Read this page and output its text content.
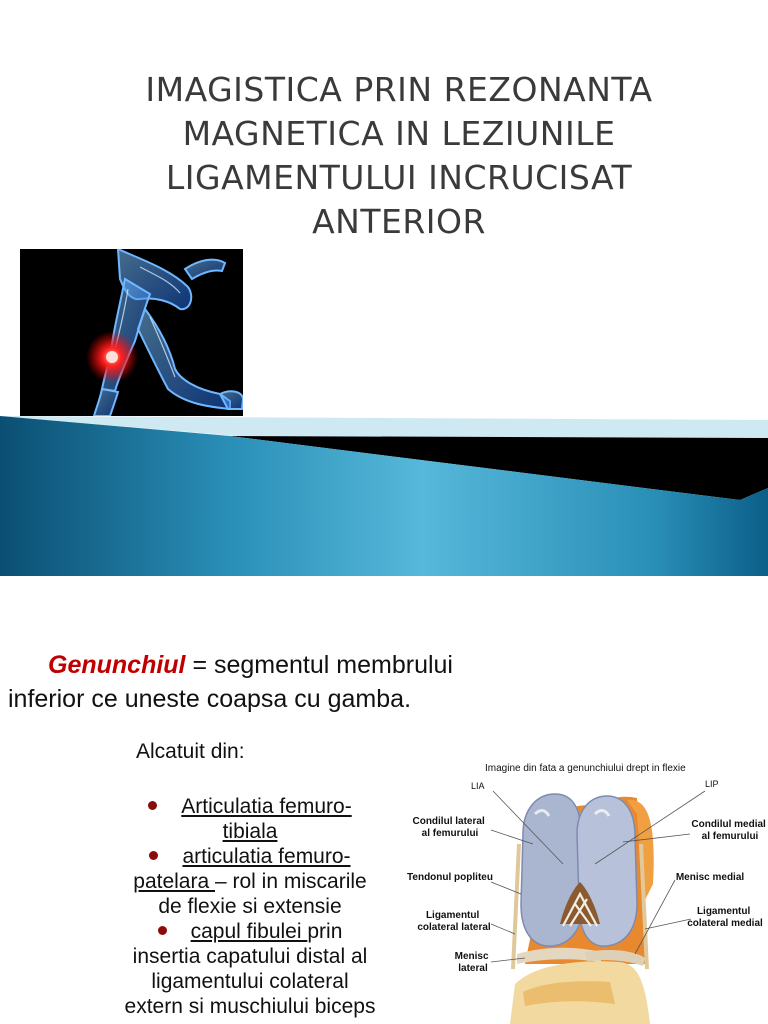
IMAGISTICA PRIN REZONANTA
MAGNETICA IN LEZIUNILE
LIGAMENTULUI INCRUCISAT
ANTERIOR
Genunchiul = segmentul membrului
inferior ce uneste coapsa cu gamba.
Alcatuit din:
Articulatia femuro-
tibiala
articulatia femuro-
patelara – rol in miscarile
de flexie si extensie
capul fibulei prin
insertia capatului distal al
ligamentului colateral
extern si muschiului biceps
Imagine din fata a genunchiului drept in flexie
LIA	LIP
Condilul lateral al femurului
Condilul medial al femurului
Tendonul popliteu	Menisc medial
Ligamentul colateral lateral
Ligamentul colateral medial
Menisc lateral
